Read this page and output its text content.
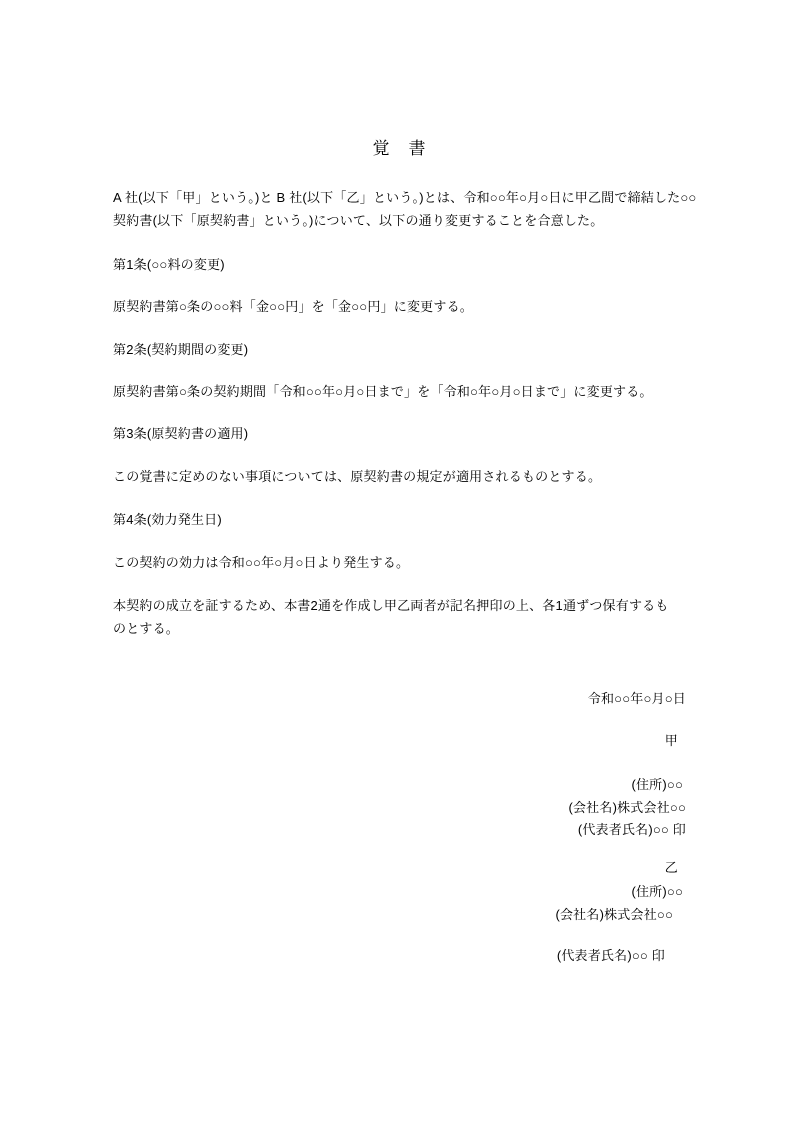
覚　書
A 社(以下「甲」という。)と B 社(以下「乙」という。)とは、令和○○年○月○日に甲乙間で締結した○○
契約書(以下「原契約書」という。)について、以下の通り変更することを合意した。
第1条(○○料の変更)
原契約書第○条の○○料「金○○円」を「金○○円」に変更する。
第2条(契約期間の変更)
原契約書第○条の契約期間「令和○○年○月○日まで」を「令和○年○月○日まで」に変更する。
第3条(原契約書の適用)
この覚書に定めのない事項については、原契約書の規定が適用されるものとする。
第4条(効力発生日)
この契約の効力は令和○○年○月○日より発生する。
本契約の成立を証するため、本書2通を作成し甲乙両者が記名押印の上、各1通ずつ保有するも
のとする。
令和○○年○月○日
甲
(住所)○○
(会社名)株式会社○○
(代表者氏名)○○ 印
乙
(住所)○○
(会社名)株式会社○○
(代表者氏名)○○ 印
